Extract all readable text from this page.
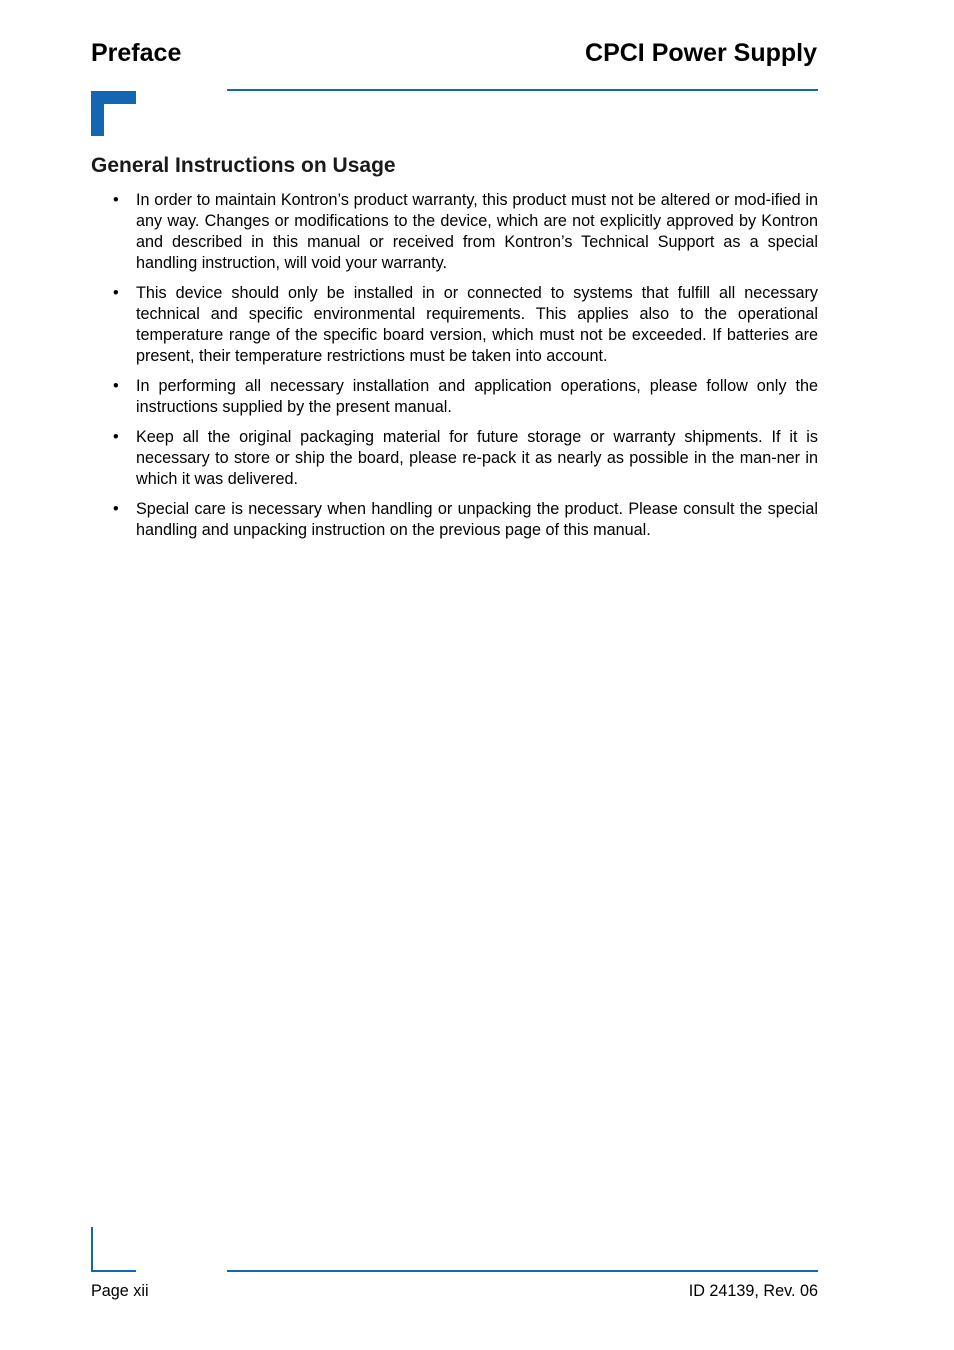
Preface	CPCI Power Supply
General Instructions on Usage
• In order to maintain Kontron’s product warranty, this product must not be altered or mod-ified in any way. Changes or modifications to the device, which are not explicitly approved by Kontron and described in this manual or received from Kontron’s Technical Support as a special handling instruction, will void your warranty.
• This device should only be installed in or connected to systems that fulfill all necessary technical and specific environmental requirements. This applies also to the operational temperature range of the specific board version, which must not be exceeded. If batteries are present, their temperature restrictions must be taken into account.
• In performing all necessary installation and application operations, please follow only the instructions supplied by the present manual.
• Keep all the original packaging material for future storage or warranty shipments. If it is necessary to store or ship the board, please re-pack it as nearly as possible in the man-ner in which it was delivered.
• Special care is necessary when handling or unpacking the product. Please consult the special handling and unpacking instruction on the previous page of this manual.
Page xii	ID 24139, Rev. 06
